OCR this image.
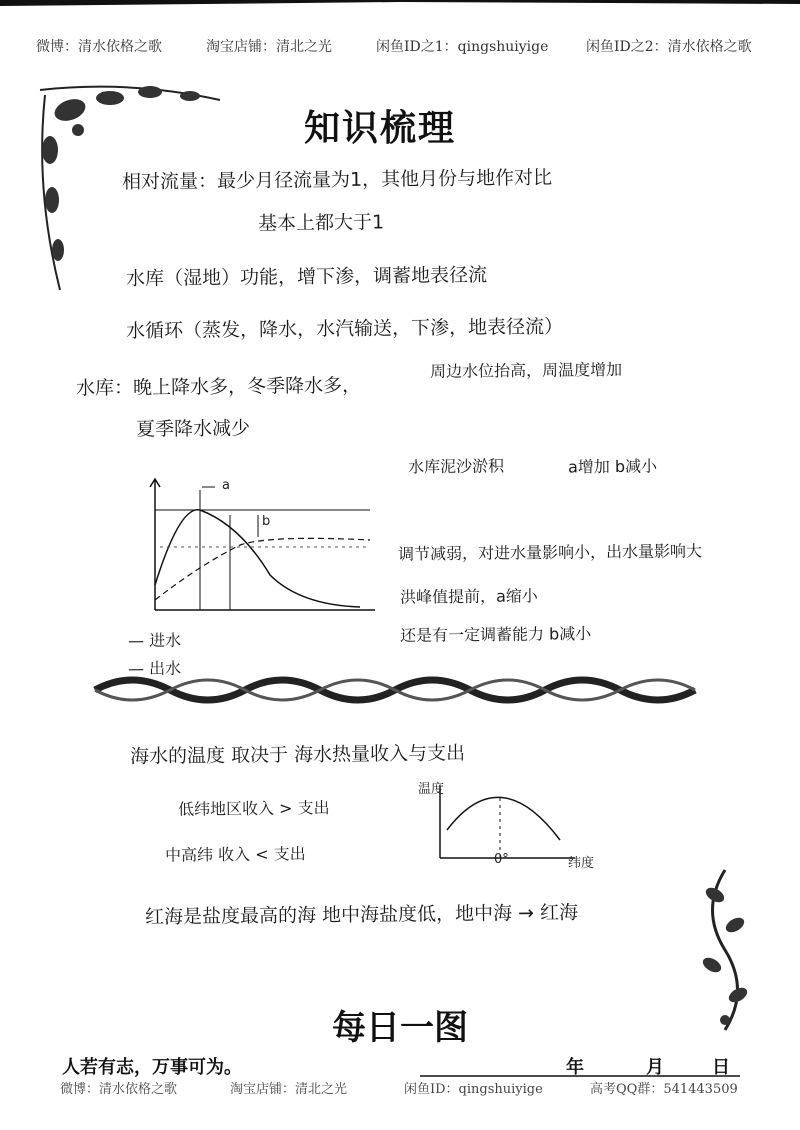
微博：清水依格之歌	淘宝店铺：清北之光	闲鱼ID之1：qingshuiyige	闲鱼ID之2：清水依格之歌
知识梳理
相对流量：最少月径流量为1，其他月份与地作对比
基本上都大于1
水库（湿地）功能，增下渗，调蓄地表径流
水循环（蒸发，降水，水汽输送，下渗，地表径流）
水库：晚上降水多，冬季降水多，
周边水位抬高，周温度增加
夏季降水减少
a
b
— 进水
— 出水
水库泥沙淤积	a增加 b减小
调节减弱，对进水量影响小，出水量影响大
洪峰值提前，a缩小
还是有一定调蓄能力 b减小
海水的温度 取决于 海水热量收入与支出
低纬地区收入 > 支出
中高纬 收入 < 支出
温度
纬度
0°
红海是盐度最高的海 地中海盐度低，地中海 → 红海
每日一图
人若有志，万事可为。	年	月	日
微博：清水依格之歌	淘宝店铺：清北之光	闲鱼ID：qingshuiyige	高考QQ群：541443509
